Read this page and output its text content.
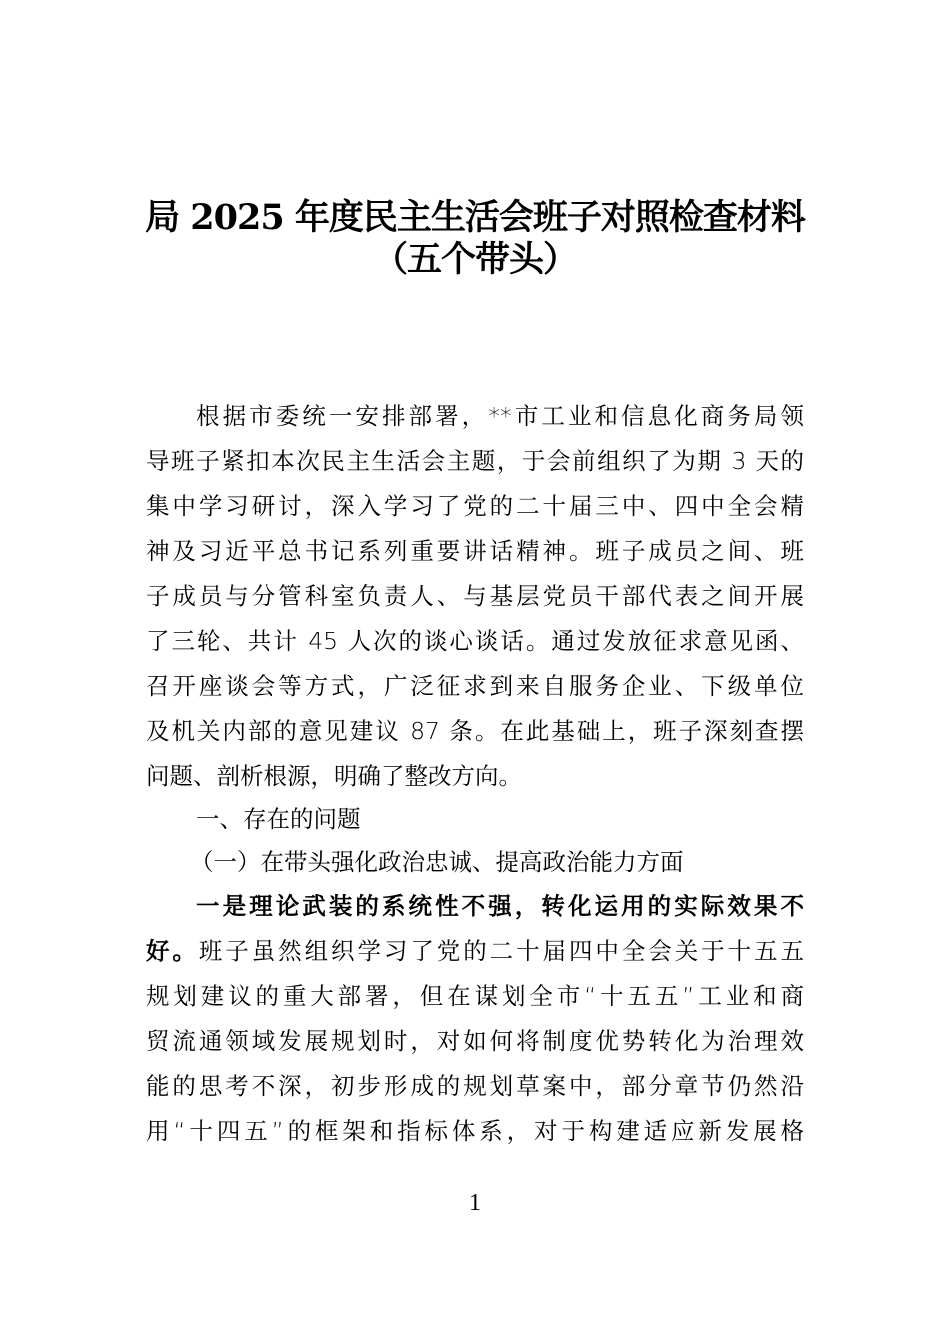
局 2025 年度民主生活会班子对照检查材料
（五个带头）
根据市委统一安排部署，**市工业和信息化商务局领
导班子紧扣本次民主生活会主题，于会前组织了为期 3 天的
集中学习研讨，深入学习了党的二十届三中、四中全会精
神及习近平总书记系列重要讲话精神。班子成员之间、班
子成员与分管科室负责人、与基层党员干部代表之间开展
了三轮、共计 45 人次的谈心谈话。通过发放征求意见函、
召开座谈会等方式，广泛征求到来自服务企业、下级单位
及机关内部的意见建议 87 条。在此基础上，班子深刻查摆
问题、剖析根源，明确了整改方向。
一、存在的问题
（一）在带头强化政治忠诚、提高政治能力方面
一是理论武装的系统性不强，转化运用的实际效果不
好。班子虽然组织学习了党的二十届四中全会关于十五五
规划建议的重大部署，但在谋划全市“十五五”工业和商
贸流通领域发展规划时，对如何将制度优势转化为治理效
能的思考不深，初步形成的规划草案中，部分章节仍然沿
用“十四五”的框架和指标体系，对于构建适应新发展格
1
